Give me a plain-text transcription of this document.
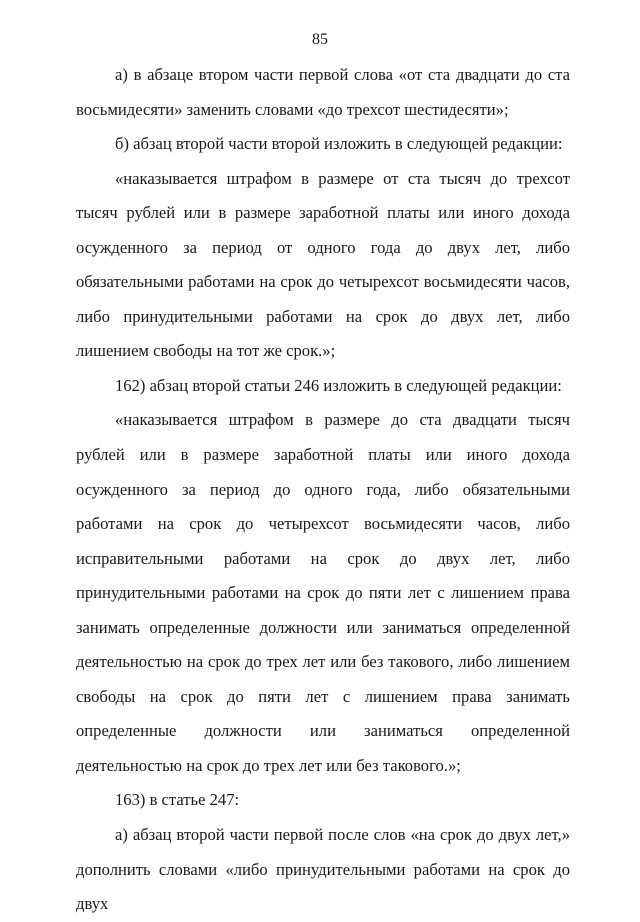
85

а) в абзаце втором части первой слова «от ста двадцати до ста восьмидесяти» заменить словами «до трехсот шестидесяти»;

б) абзац второй части второй изложить в следующей редакции:

«наказывается штрафом в размере от ста тысяч до трехсот тысяч рублей или в размере заработной платы или иного дохода осужденного за период от одного года до двух лет, либо обязательными работами на срок до четырехсот восьмидесяти часов, либо принудительными работами на срок до двух лет, либо лишением свободы на тот же срок.»;

162) абзац второй статьи 246 изложить в следующей редакции:

«наказывается штрафом в размере до ста двадцати тысяч рублей или в размере заработной платы или иного дохода осужденного за период до одного года, либо обязательными работами на срок до четырехсот восьмидесяти часов, либо исправительными работами на срок до двух лет, либо принудительными работами на срок до пяти лет с лишением права занимать определенные должности или заниматься определенной деятельностью на срок до трех лет или без такового, либо лишением свободы на срок до пяти лет с лишением права занимать определенные должности или заниматься определенной деятельностью на срок до трех лет или без такового.»;

163) в статье 247:

а) абзац второй части первой после слов «на срок до двух лет,» дополнить словами «либо принудительными работами на срок до двух
